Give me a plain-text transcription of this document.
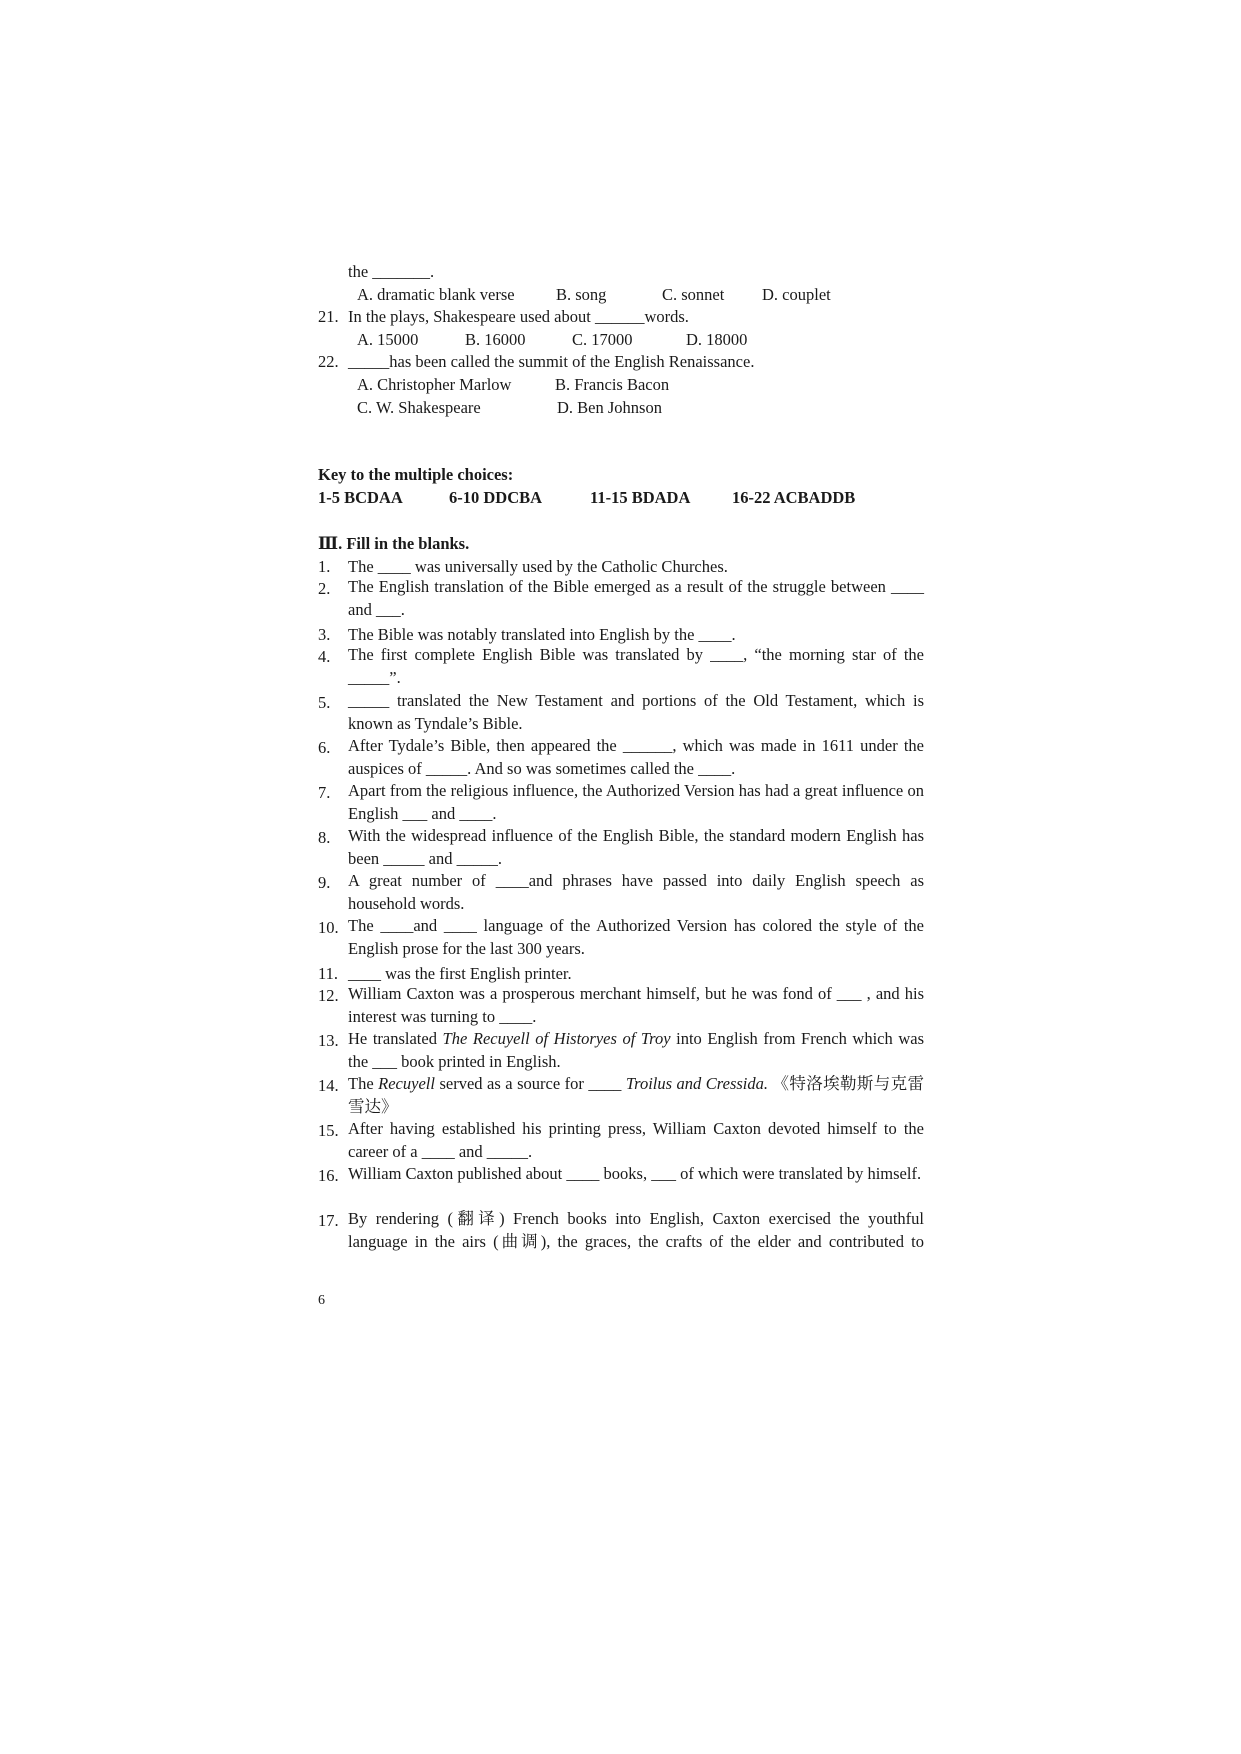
the _______.
A. dramatic blank verse	B. song	C. sonnet D. couplet
21. In the plays, Shakespeare used about ______words.
A. 15000	B. 16000	C. 17000	D. 18000
22. _____has been called the summit of the English Renaissance.
A. Christopher Marlow	B. Francis Bacon
C. W. Shakespeare	D. Ben Johnson
Key to the multiple choices:
1-5 BCDAA	6-10 DDCBA	11-15 BDADA	16-22 ACBADDB
Ⅲ. Fill in the blanks.
1. The ____ was universally used by the Catholic Churches.
2. The English translation of the Bible emerged as a result of the struggle between ____ and ___.
3. The Bible was notably translated into English by the ____.
4. The first complete English Bible was translated by ____, “the morning star of the _____”.
5. _____ translated the New Testament and portions of the Old Testament, which is known as Tyndale’s Bible.
6. After Tydale’s Bible, then appeared the ______, which was made in 1611 under the auspices of _____. And so was sometimes called the ____.
7. Apart from the religious influence, the Authorized Version has had a great influence on English ___ and ____.
8. With the widespread influence of the English Bible, the standard modern English has been _____ and _____.
9. A great number of ____and phrases have passed into daily English speech as household words.
10. The ____and ____ language of the Authorized Version has colored the style of the English prose for the last 300 years.
11. ____ was the first English printer.
12. William Caxton was a prosperous merchant himself, but he was fond of ___ , and his interest was turning to ____.
13. He translated The Recuyell of Historyes of Troy into English from French which was the ___ book printed in English.
14. The Recuyell served as a source for ____ Troilus and Cressida. 《特洛埃勒斯与克雷雪达》
15. After having established his printing press, William Caxton devoted himself to the career of a ____ and _____.
16. William Caxton published about ____ books, ___ of which were translated by himself.
17. By rendering (翻译) French books into English, Caxton exercised the youthful language in the airs (曲调), the graces, the crafts of the elder and contributed to
6
